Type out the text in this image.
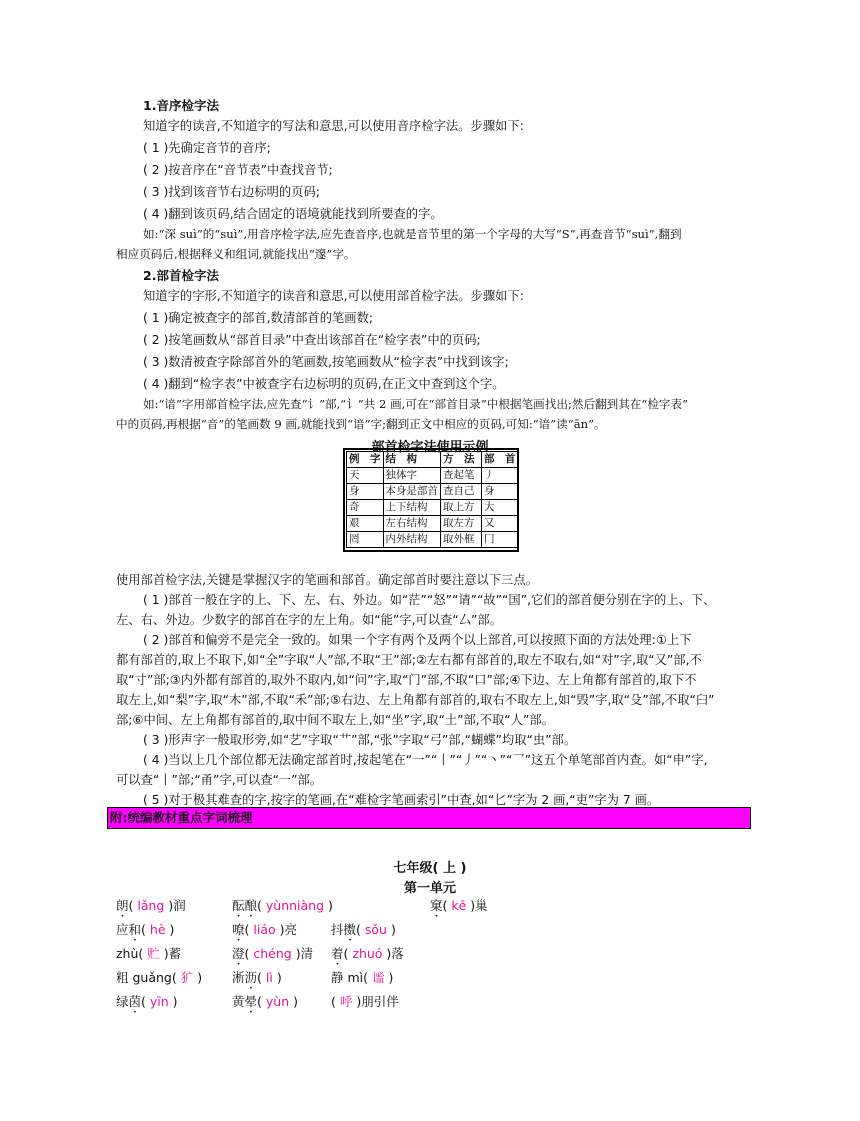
1.音序检字法
知道字的读音,不知道字的写法和意思,可以使用音序检字法。步骤如下:
( 1 )先确定音节的音序;
( 2 )按音序在“音节表”中查找音节;
( 3 )找到该音节右边标明的页码;
( 4 )翻到该页码,结合固定的语境就能找到所要查的字。
如:“深 suì”的“suì”,用音序检字法,应先查音序,也就是音节里的第一个字母的大写“S”,再查音节“suì”,翻到
相应页码后,根据释义和组词,就能找出“邃”字。
2.部首检字法
知道字的字形,不知道字的读音和意思,可以使用部首检字法。步骤如下:
( 1 )确定被查字的部首,数清部首的笔画数;
( 2 )按笔画数从“部首目录”中查出该部首在“检字表”中的页码;
( 3 )数清被查字除部首外的笔画数,按笔画数从“检字表”中找到该字;
( 4 )翻到“检字表”中被查字右边标明的页码,在正文中查到这个字。
如:“谙”字用部首检字法,应先查“讠”部,“讠”共 2 画,可在“部首目录”中根据笔画找出;然后翻到其在“检字表”
中的页码,再根据“音”的笔画数 9 画,就能找到“谙”字;翻到正文中相应的页码,可知:“谙”读“ān”。
部首检字法使用示例
例　字	结　构	方　法	部　首
天	独体字	查起笔	丿
身	本身是部首	查自己	身
奇	上下结构	取上方	大
艰	左右结构	取左方	又
罔	内外结构	取外框	冂
使用部首检字法,关键是掌握汉字的笔画和部首。确定部首时要注意以下三点。
( 1 )部首一般在字的上、下、左、右、外边。如“茫”“怒”“请”“故”“国”,它们的部首便分别在字的上、下、
左、右、外边。少数字的部首在字的左上角。如“能”字,可以查“厶”部。
( 2 )部首和偏旁不是完全一致的。如果一个字有两个及两个以上部首,可以按照下面的方法处理:①上下
都有部首的,取上不取下,如“全”字取“人”部,不取“王”部;②左右都有部首的,取左不取右,如“对”字,取“又”部,不
取“寸”部;③内外都有部首的,取外不取内,如“问”字,取“门”部,不取“口”部;④下边、左上角都有部首的,取下不
取左上,如“梨”字,取“木”部,不取“禾”部;⑤右边、左上角都有部首的,取右不取左上,如“毁”字,取“殳”部,不取“臼”
部;⑥中间、左上角都有部首的,取中间不取左上,如“坐”字,取“土”部,不取“人”部。
( 3 )形声字一般取形旁,如“艺”字取“艹”部,“张”字取“弓”部,“蝴蝶”均取“虫”部。
( 4 )当以上几个部位都无法确定部首时,按起笔在“一”“丨”“丿”“丶”“乛”这五个单笔部首内查。如“申”字,
可以查“丨”部;“甬”字,可以查“一”部。
( 5 )对于极其难查的字,按字的笔画,在“难检字笔画索引”中查,如“匕”字为 2 画,“吏”字为 7 画。
附:统编教材重点字词梳理
七年级( 上 )
第一单元
朗( lǎng )润	酝酿( yùnniàng )	窠( kē )巢
应和( hè )	嘹( liáo )亮	抖擞( sǒu )
zhù( 贮 )蓄	澄( chéng )清 着( zhuó )落
粗 guǎng( 犷 ) 淅沥( lì )	静 mì( 谧 )
绿茵( yīn )	黄晕( yùn )	( 呼 )朋引伴
